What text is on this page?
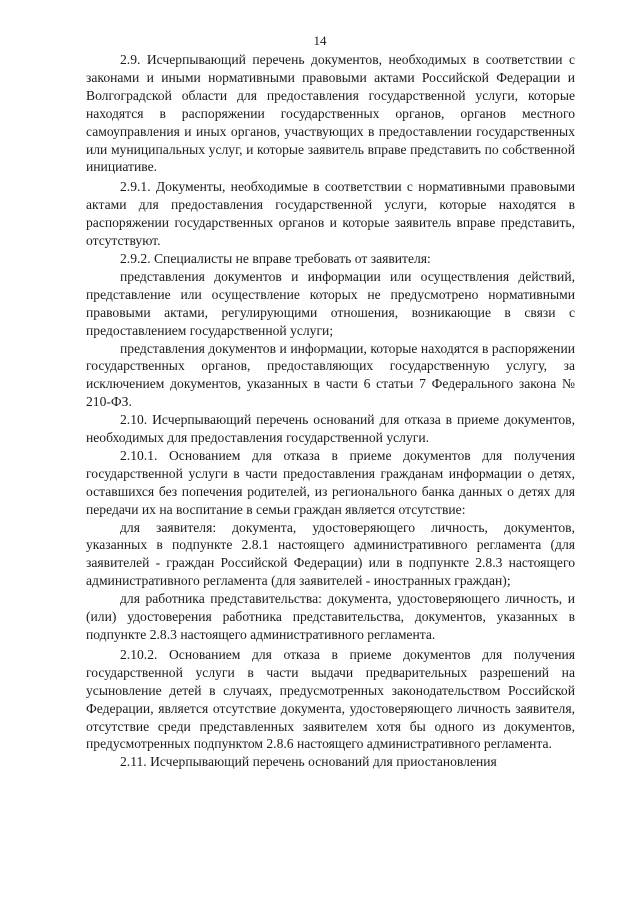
14

2.9. Исчерпывающий перечень документов, необходимых в соответствии с законами и иными нормативными правовыми актами Российской Федерации и Волгоградской области для предоставления государственной услуги, которые находятся в распоряжении государственных органов, органов местного самоуправления и иных органов, участвующих в предоставлении государственных или муниципальных услуг, и которые заявитель вправе представить по собственной инициативе.

2.9.1. Документы, необходимые в соответствии с нормативными правовыми актами для предоставления государственной услуги, которые находятся в распоряжении государственных органов и которые заявитель вправе представить, отсутствуют.

2.9.2. Специалисты не вправе требовать от заявителя:

представления документов и информации или осуществления действий, представление или осуществление которых не предусмотрено нормативными правовыми актами, регулирующими отношения, возникающие в связи с предоставлением государственной услуги;

представления документов и информации, которые находятся в распоряжении государственных органов, предоставляющих государственную услугу, за исключением документов, указанных в части 6 статьи 7 Федерального закона № 210-ФЗ.

2.10. Исчерпывающий перечень оснований для отказа в приеме документов, необходимых для предоставления государственной услуги.

2.10.1. Основанием для отказа в приеме документов для получения государственной услуги в части предоставления гражданам информации о детях, оставшихся без попечения родителей, из регионального банка данных о детях для передачи их на воспитание в семьи граждан является отсутствие:

для заявителя: документа, удостоверяющего личность, документов, указанных в подпункте 2.8.1 настоящего административного регламента (для заявителей - граждан Российской Федерации) или в подпункте 2.8.3 настоящего административного регламента (для заявителей - иностранных граждан);

для работника представительства: документа, удостоверяющего личность, и (или) удостоверения работника представительства, документов, указанных в подпункте 2.8.3 настоящего административного регламента.

2.10.2. Основанием для отказа в приеме документов для получения государственной услуги в части выдачи предварительных разрешений на усыновление детей в случаях, предусмотренных законодательством Российской Федерации, является отсутствие документа, удостоверяющего личность заявителя, отсутствие среди представленных заявителем хотя бы одного из документов, предусмотренных подпунктом 2.8.6 настоящего административного регламента.

2.11. Исчерпывающий перечень оснований для приостановления
